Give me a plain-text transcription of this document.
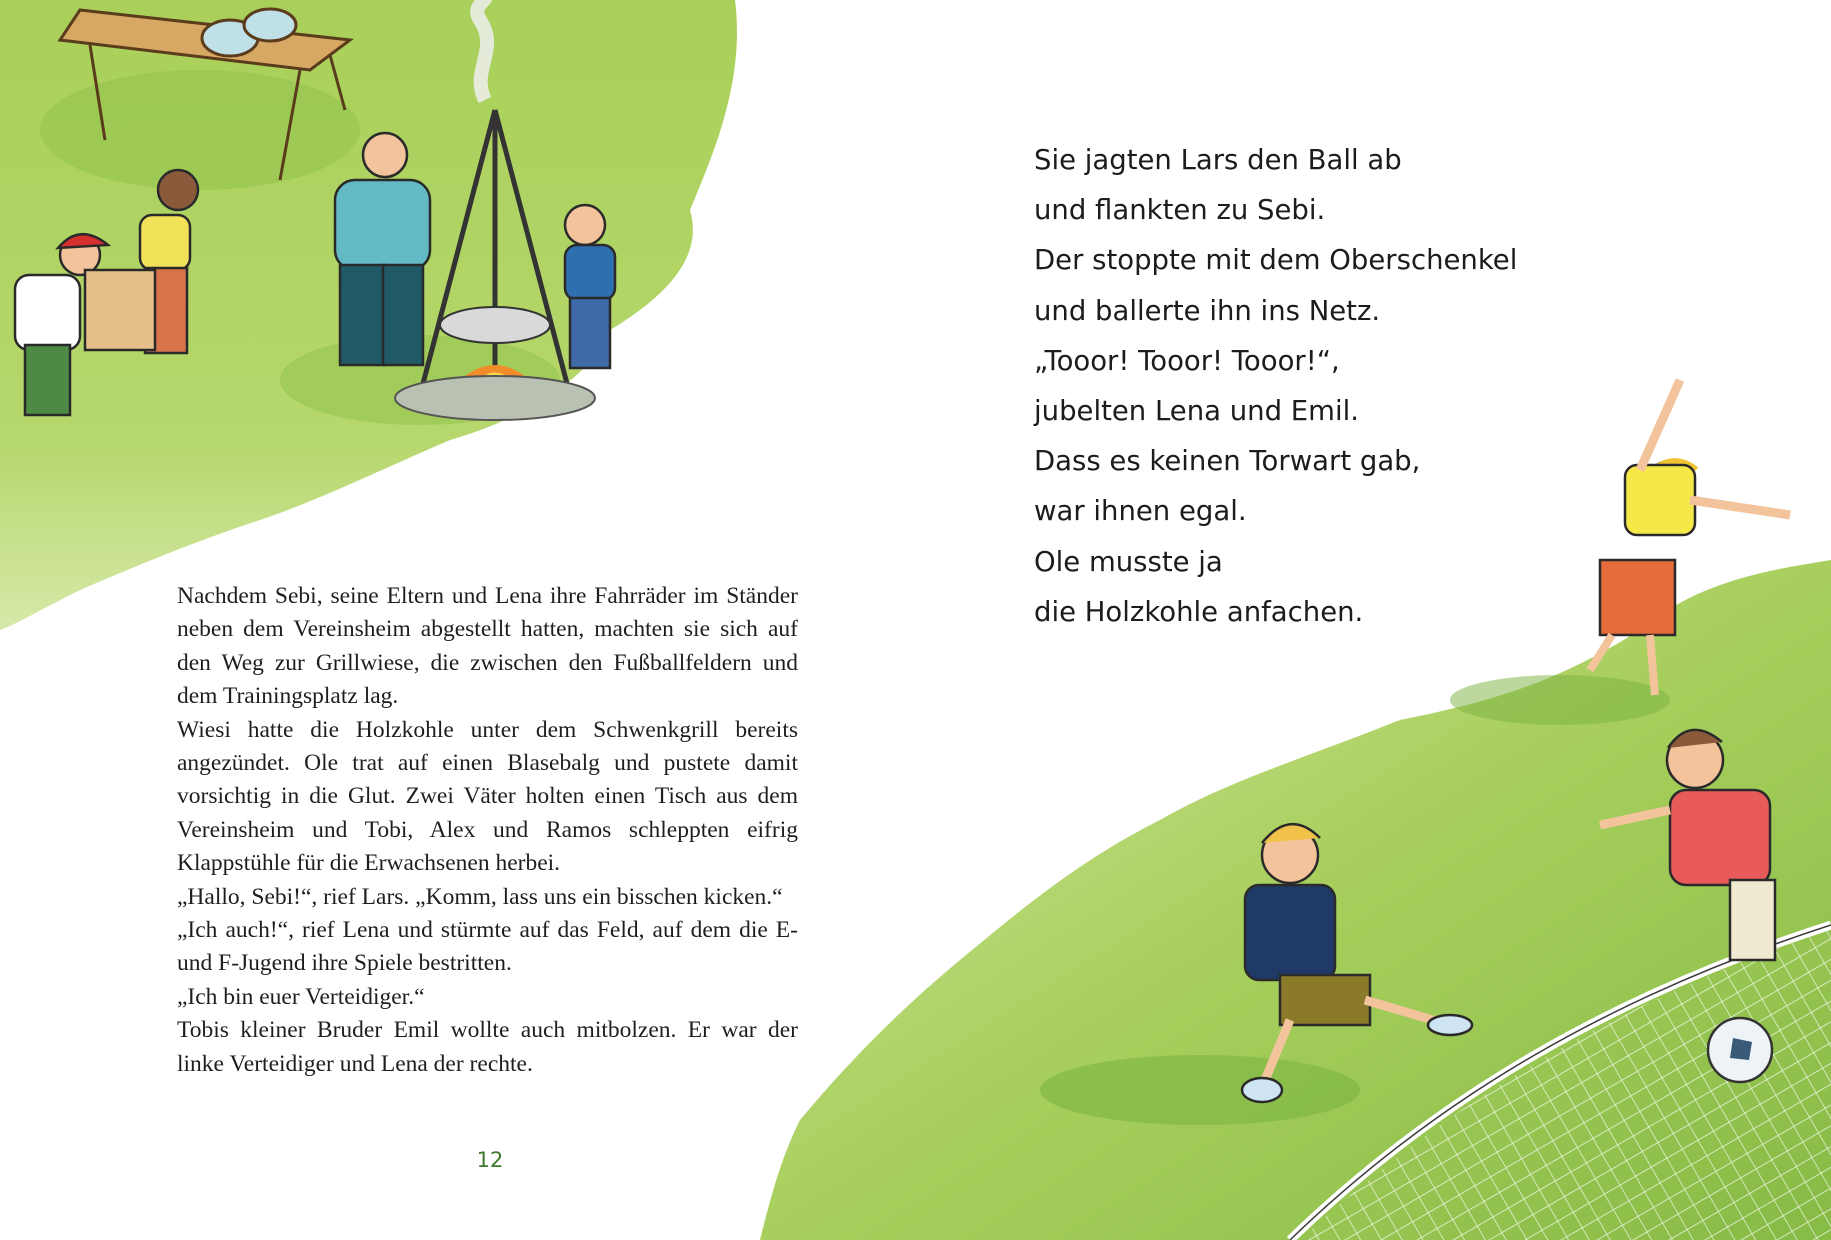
Nachdem Sebi, seine Eltern und Lena ihre Fahrräder im Ständer neben dem Vereinsheim abgestellt hatten, machten sie sich auf den Weg zur Grillwiese, die zwischen den Fußballfeldern und dem Trainingsplatz lag.

Wiesi hatte die Holzkohle unter dem Schwenkgrill bereits angezündet. Ole trat auf einen Blasebalg und pustete damit vorsichtig in die Glut. Zwei Väter holten einen Tisch aus dem Vereinsheim und Tobi, Alex und Ramos schleppten eifrig Klappstühle für die Erwachsenen herbei.

„Hallo, Sebi!“, rief Lars. „Komm, lass uns ein bisschen kicken.“

„Ich auch!“, rief Lena und stürmte auf das Feld, auf dem die E- und F-Jugend ihre Spiele bestritten.

„Ich bin euer Verteidiger.“

Tobis kleiner Bruder Emil wollte auch mitbolzen. Er war der linke Verteidiger und Lena der rechte.

12
Sie jagten Lars den Ball ab
und flankten zu Sebi.
Der stoppte mit dem Oberschenkel
und ballerte ihn ins Netz.
„Tooor! Tooor! Tooor!“,
jubelten Lena und Emil.
Dass es keinen Torwart gab,
war ihnen egal.
Ole musste ja
die Holzkohle anfachen.
